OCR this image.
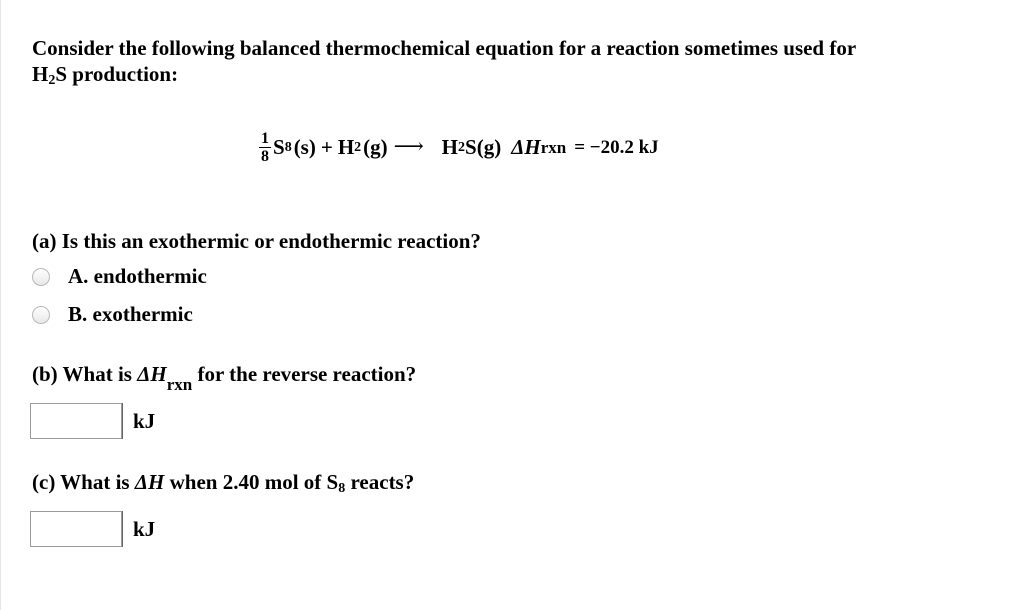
Consider the following balanced thermochemical equation for a reaction sometimes used for
$H_2S$ production:
$\frac{1}{8}$ S 8 (s) + H 2 (g) ⟶ H 2 S(g) ΔH rxn = −20.2 kJ
(a) Is this an exothermic or endothermic reaction?
A. endothermic
B. exothermic
(b) What is $\Delta H_{rxn}$ for the reverse reaction?
kJ
(c) What is ΔH when 2.40 mol of $S_8$ reacts?
kJ
